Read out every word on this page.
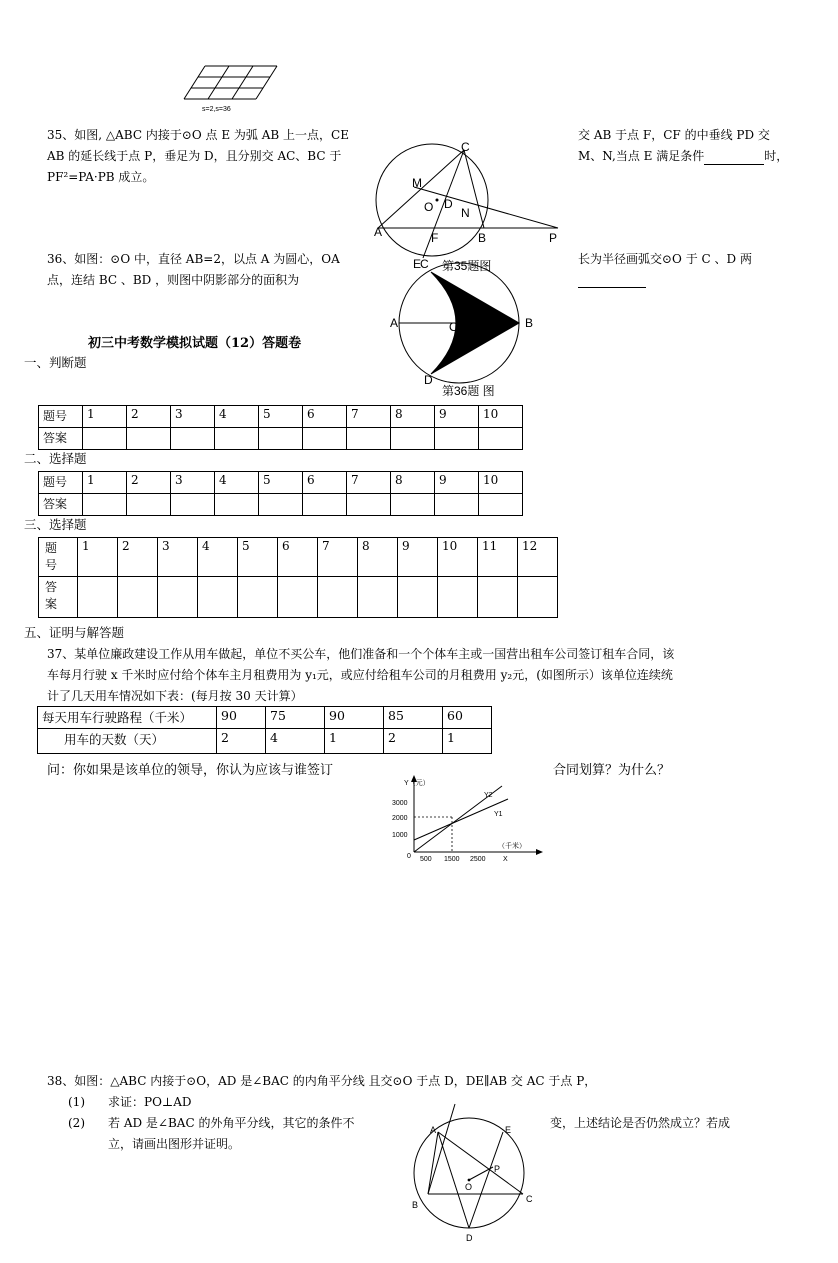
s=2,s=36
35、如图, △ABC 内接于⊙O 点 E 为弧 AB 上一点，CE
AB 的延长线于点 P，垂足为 D，且分别交 AC、BC 于
PF²=PA·PB 成立。
交 AB 于点 F，CF 的中垂线 PD 交
M、N,当点 E 满足条件	时，
C
M
O D
N
A	F	B	P
E
C 第35题图
36、如图：⊙O 中，直径 AB=2，以点 A 为圆心，OA
点，连结 BC 、BD ，则图中阴影部分的面积为
长为半径画弧交⊙O 于 C 、D 两
A	O	B
D
第36题 图
初三中考数学模拟试题（12）答题卷
一、判断题
题号	1	2	3	4	5	6	7	8	9	10
答案										
二、选择题
题号	1	2	3	4	5	6	7	8	9	10
答案										
三、选择题
题
号	1	2	3	4	5	6	7	8	9	10	11	12
答
案												
五、证明与解答题
37、某单位廉政建设工作从用车做起，单位不买公车，他们准备和一个个体车主或一国营出租车公司签订租车合同，该
车每月行驶 x 千米时应付给个体车主月租费用为 y₁元，或应付给租车公司的月租费用 y₂元，(如图所示）该单位连续统
计了几天用车情况如下表：(每月按 30 天计算）
每天用车行驶路程（千米）	90	75	90	85	60
用车的天数（天）	2	4	1	2	1
问：你如果是该单位的领导，你认为应该与谁签订	合同划算？为什么？
Y（元）
3000
2000
1000
0 500 1500 2500 X
（千米）
Y2
Y1
38、如图：△ABC 内接于⊙O，AD 是∠BAC 的内角平分线 且交⊙O 于点 D，DE∥AB 交 AC 于点 P，
(1) 求证：PO⊥AD
(2) 若 AD 是∠BAC 的外角平分线，其它的条件不
立，请画出图形并证明。
变，上述结论是否仍然成立？若成
A	E
P
O
B
C
D
